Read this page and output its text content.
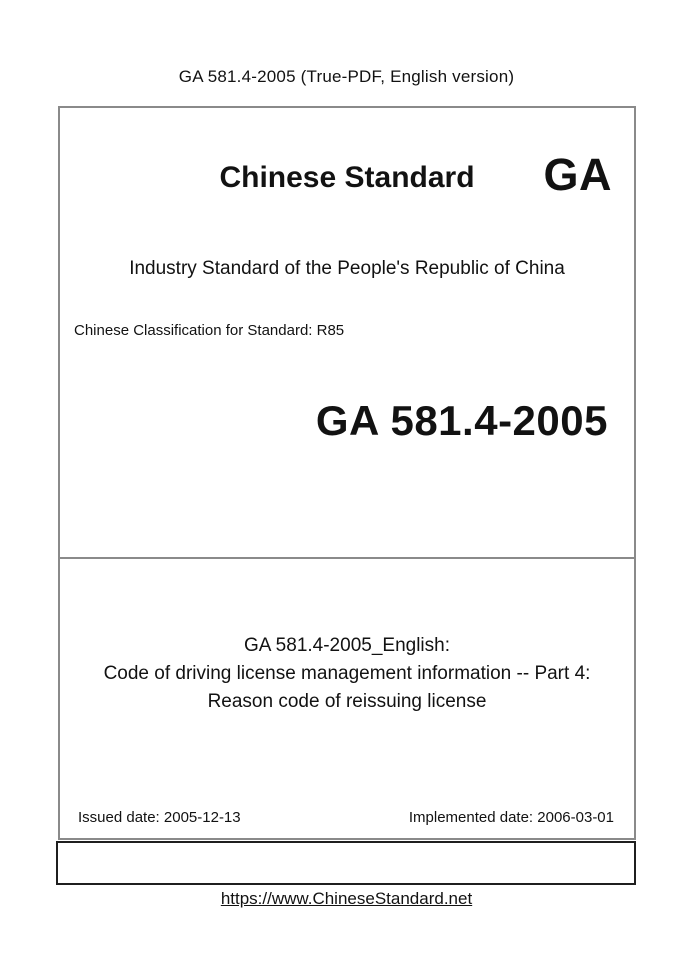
GA 581.4-2005 (True-PDF, English version)
Chinese Standard	GA
Industry Standard of the People's Republic of China
Chinese Classification for Standard: R85
GA 581.4-2005
GA 581.4-2005_English:
Code of driving license management information -- Part 4:
Reason code of reissuing license
Issued date: 2005-12-13	Implemented date: 2006-03-01
https://www.ChineseStandard.net
